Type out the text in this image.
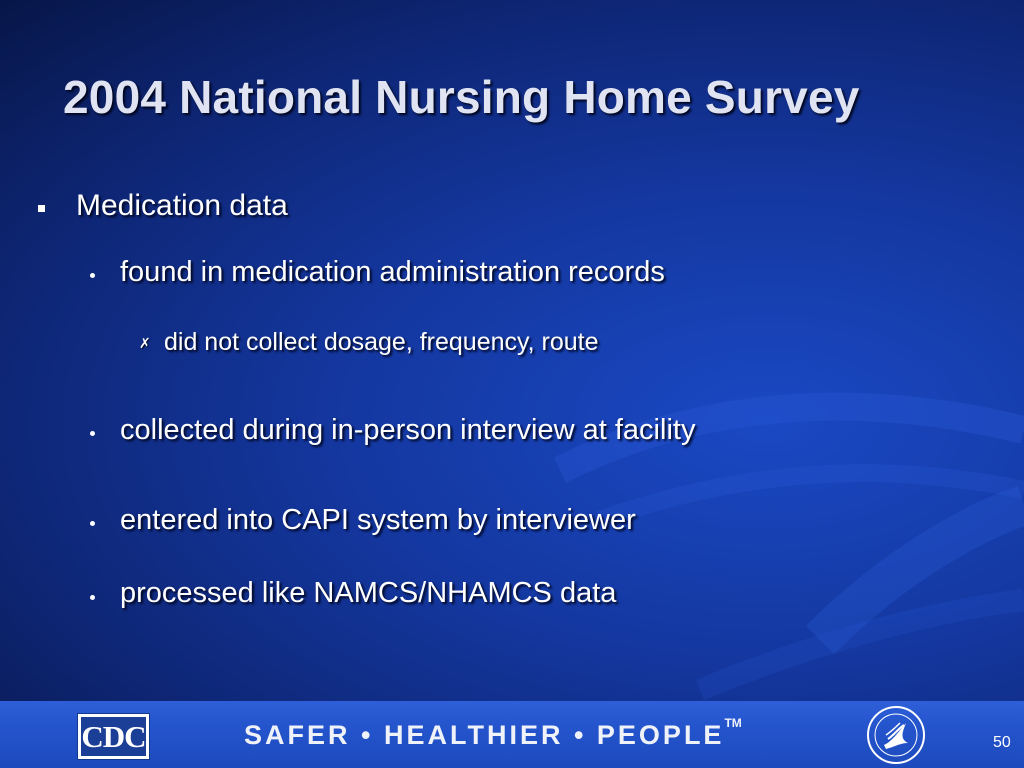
2004 National Nursing Home Survey
Medication data
found in medication administration records
✗ did not collect dosage, frequency, route
collected during in-person interview at facility
entered into CAPI system by interviewer
processed like NAMCS/NHAMCS data
CDC	SAFER • HEALTHIER • PEOPLE™
50
